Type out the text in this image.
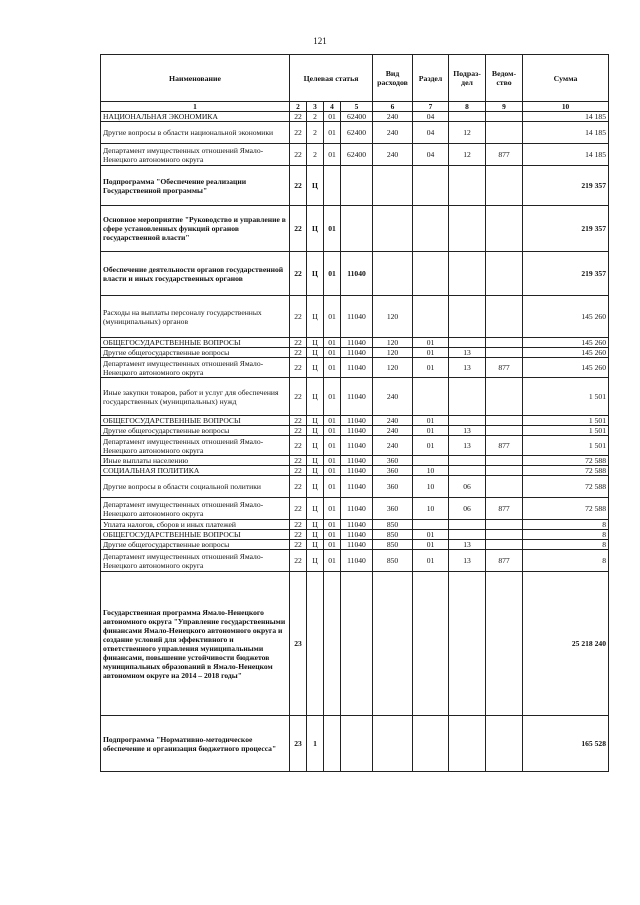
121
Наименование	Целевая статья				Вид расходов	Раздел	Подраз-дел	Ведом-ство	Сумма
1	2	3	4	5	6	7	8	9	10
НАЦИОНАЛЬНАЯ ЭКОНОМИКА	22	2	01	62400	240	04			14 185
Другие вопросы в области национальной экономики	22	2	01	62400	240	04	12		14 185
Департамент имущественных отношений Ямало-Ненецкого автономного округа	22	2	01	62400	240	04	12	877	14 185
Подпрограмма "Обеспечение реализации Государственной программы"	22	Ц							219 357
Основное мероприятие "Руководство и управление в сфере установленных функций органов государственной власти"	22	Ц	01						219 357
Обеспечение деятельности органов государственной власти и иных государственных органов	22	Ц	01	11040					219 357
Расходы на выплаты персоналу государственных (муниципальных) органов	22	Ц	01	11040	120				145 260
ОБЩЕГОСУДАРСТВЕННЫЕ ВОПРОСЫ	22	Ц	01	11040	120	01			145 260
Другие общегосударственные вопросы	22	Ц	01	11040	120	01	13		145 260
Департамент имущественных отношений Ямало-Ненецкого автономного округа	22	Ц	01	11040	120	01	13	877	145 260
Иные закупки товаров, работ и услуг для обеспечения государственных (муниципальных) нужд	22	Ц	01	11040	240				1 501
ОБЩЕГОСУДАРСТВЕННЫЕ ВОПРОСЫ	22	Ц	01	11040	240	01			1 501
Другие общегосударственные вопросы	22	Ц	01	11040	240	01	13		1 501
Департамент имущественных отношений Ямало-Ненецкого автономного округа	22	Ц	01	11040	240	01	13	877	1 501
Иные выплаты населению	22	Ц	01	11040	360				72 588
СОЦИАЛЬНАЯ ПОЛИТИКА	22	Ц	01	11040	360	10			72 588
Другие вопросы в области социальной политики	22	Ц	01	11040	360	10	06		72 588
Департамент имущественных отношений Ямало-Ненецкого автономного округа	22	Ц	01	11040	360	10	06	877	72 588
Уплата налогов, сборов и иных платежей	22	Ц	01	11040	850				8
ОБЩЕГОСУДАРСТВЕННЫЕ ВОПРОСЫ	22	Ц	01	11040	850	01			8
Другие общегосударственные вопросы	22	Ц	01	11040	850	01	13		8
Департамент имущественных отношений Ямало-Ненецкого автономного округа	22	Ц	01	11040	850	01	13	877	8
Государственная программа Ямало-Ненецкого автономного округа "Управление государственными финансами Ямало-Ненецкого автономного округа и создание условий для эффективного и ответственного управления муниципальными финансами, повышение устойчивости бюджетов муниципальных образований в Ямало-Ненецком автономном округе на 2014 – 2018 годы"	23								25 218 240
Подпрограмма "Нормативно-методическое обеспечение и организация бюджетного процесса"	23	1							165 528
